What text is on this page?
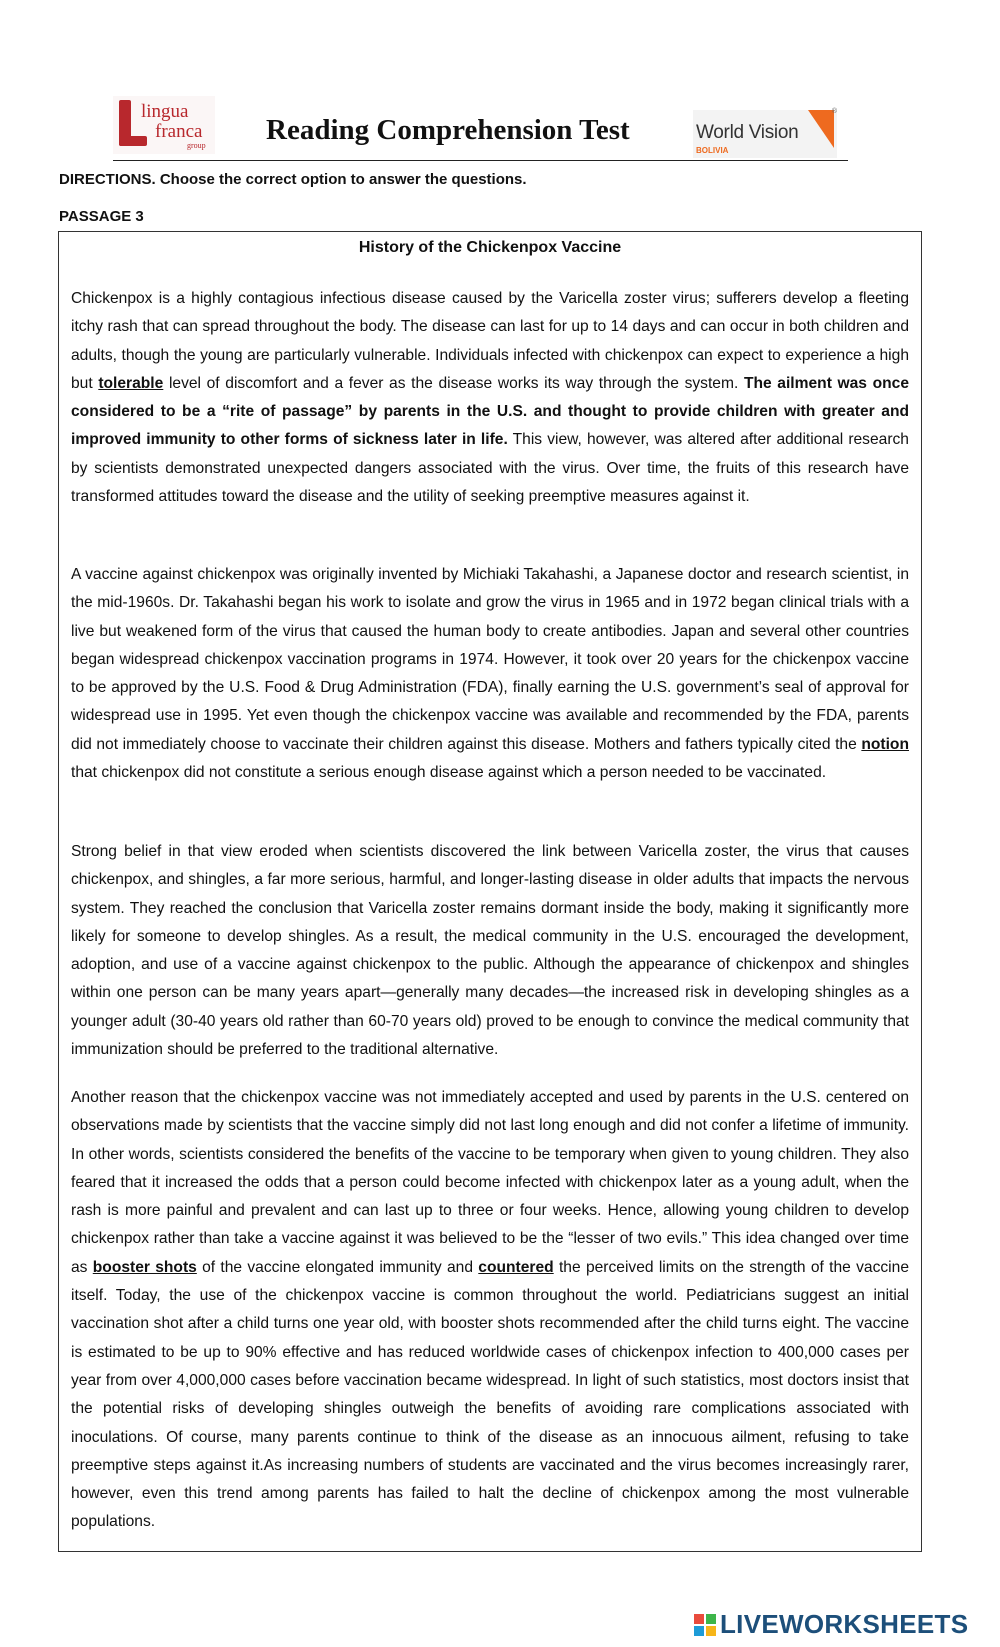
lingua
franca
group Reading Comprehension Test
®
World Vision
BOLIVIA
DIRECTIONS. Choose the correct option to answer the questions.
PASSAGE 3
History of the Chickenpox Vaccine
Chickenpox is a highly contagious infectious disease caused by the Varicella zoster virus; sufferers develop a fleeting itchy rash that can spread throughout the body. The disease can last for up to 14 days and can occur in both children and adults, though the young are particularly vulnerable. Individuals infected with chickenpox can expect to experience a high but tolerable level of discomfort and a fever as the disease works its way through the system. The ailment was once considered to be a “rite of passage” by parents in the U.S. and thought to provide children with greater and improved immunity to other forms of sickness later in life. This view, however, was altered after additional research by scientists demonstrated unexpected dangers associated with the virus. Over time, the fruits of this research have transformed attitudes toward the disease and the utility of seeking preemptive measures against it.
A vaccine against chickenpox was originally invented by Michiaki Takahashi, a Japanese doctor and research scientist, in the mid-1960s. Dr. Takahashi began his work to isolate and grow the virus in 1965 and in 1972 began clinical trials with a live but weakened form of the virus that caused the human body to create antibodies. Japan and several other countries began widespread chickenpox vaccination programs in 1974. However, it took over 20 years for the chickenpox vaccine to be approved by the U.S. Food & Drug Administration (FDA), finally earning the U.S. government’s seal of approval for widespread use in 1995. Yet even though the chickenpox vaccine was available and recommended by the FDA, parents did not immediately choose to vaccinate their children against this disease. Mothers and fathers typically cited the notion that chickenpox did not constitute a serious enough disease against which a person needed to be vaccinated.
Strong belief in that view eroded when scientists discovered the link between Varicella zoster, the virus that causes chickenpox, and shingles, a far more serious, harmful, and longer-lasting disease in older adults that impacts the nervous system. They reached the conclusion that Varicella zoster remains dormant inside the body, making it significantly more likely for someone to develop shingles. As a result, the medical community in the U.S. encouraged the development, adoption, and use of a vaccine against chickenpox to the public. Although the appearance of chickenpox and shingles within one person can be many years apart—generally many decades—the increased risk in developing shingles as a younger adult (30-40 years old rather than 60-70 years old) proved to be enough to convince the medical community that immunization should be preferred to the traditional alternative.
Another reason that the chickenpox vaccine was not immediately accepted and used by parents in the U.S. centered on observations made by scientists that the vaccine simply did not last long enough and did not confer a lifetime of immunity. In other words, scientists considered the benefits of the vaccine to be temporary when given to young children. They also feared that it increased the odds that a person could become infected with chickenpox later as a young adult, when the rash is more painful and prevalent and can last up to three or four weeks. Hence, allowing young children to develop chickenpox rather than take a vaccine against it was believed to be the “lesser of two evils.” This idea changed over time as booster shots of the vaccine elongated immunity and countered the perceived limits on the strength of the vaccine itself. Today, the use of the chickenpox vaccine is common throughout the world. Pediatricians suggest an initial vaccination shot after a child turns one year old, with booster shots recommended after the child turns eight. The vaccine is estimated to be up to 90% effective and has reduced worldwide cases of chickenpox infection to 400,000 cases per year from over 4,000,000 cases before vaccination became widespread. In light of such statistics, most doctors insist that the potential risks of developing shingles outweigh the benefits of avoiding rare complications associated with inoculations. Of course, many parents continue to think of the disease as an innocuous ailment, refusing to take preemptive steps against it.As increasing numbers of students are vaccinated and the virus becomes increasingly rarer, however, even this trend among parents has failed to halt the decline of chickenpox among the most vulnerable populations.
LIVEWORKSHEETS
